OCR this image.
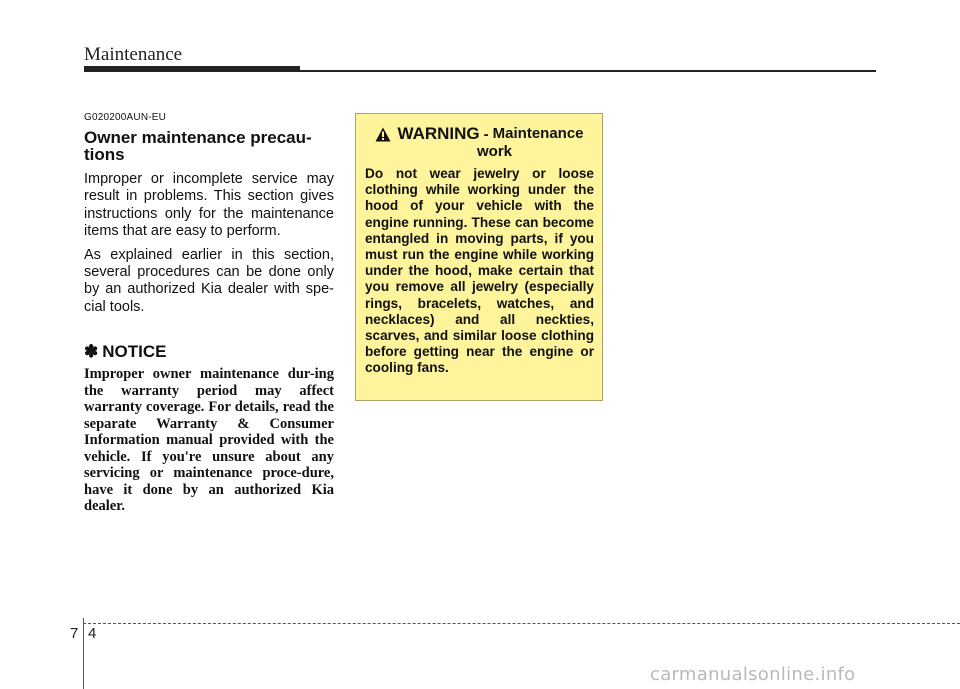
Maintenance
G020200AUN-EU
Owner maintenance precau-
tions

Improper or incomplete service may result in problems. This section gives instructions only for the maintenance items that are easy to perform.

As explained earlier in this section, several procedures can be done only by an authorized Kia dealer with spe-cial tools.

✽ NOTICE

Improper owner maintenance dur-ing the warranty period may affect warranty coverage. For details, read the separate Warranty & Consumer Information manual provided with the vehicle. If you're unsure about any servicing or maintenance proce-dure, have it done by an authorized Kia dealer.

WARNING - Maintenance
work

Do not wear jewelry or loose clothing while working under the hood of your vehicle with the engine running. These can become entangled in moving parts, if you must run the engine while working under the hood, make certain that you remove all jewelry (especially rings, bracelets, watches, and necklaces) and all neckties, scarves, and similar loose clothing before getting near the engine or cooling fans.

7 4
carmanualsonline.info
